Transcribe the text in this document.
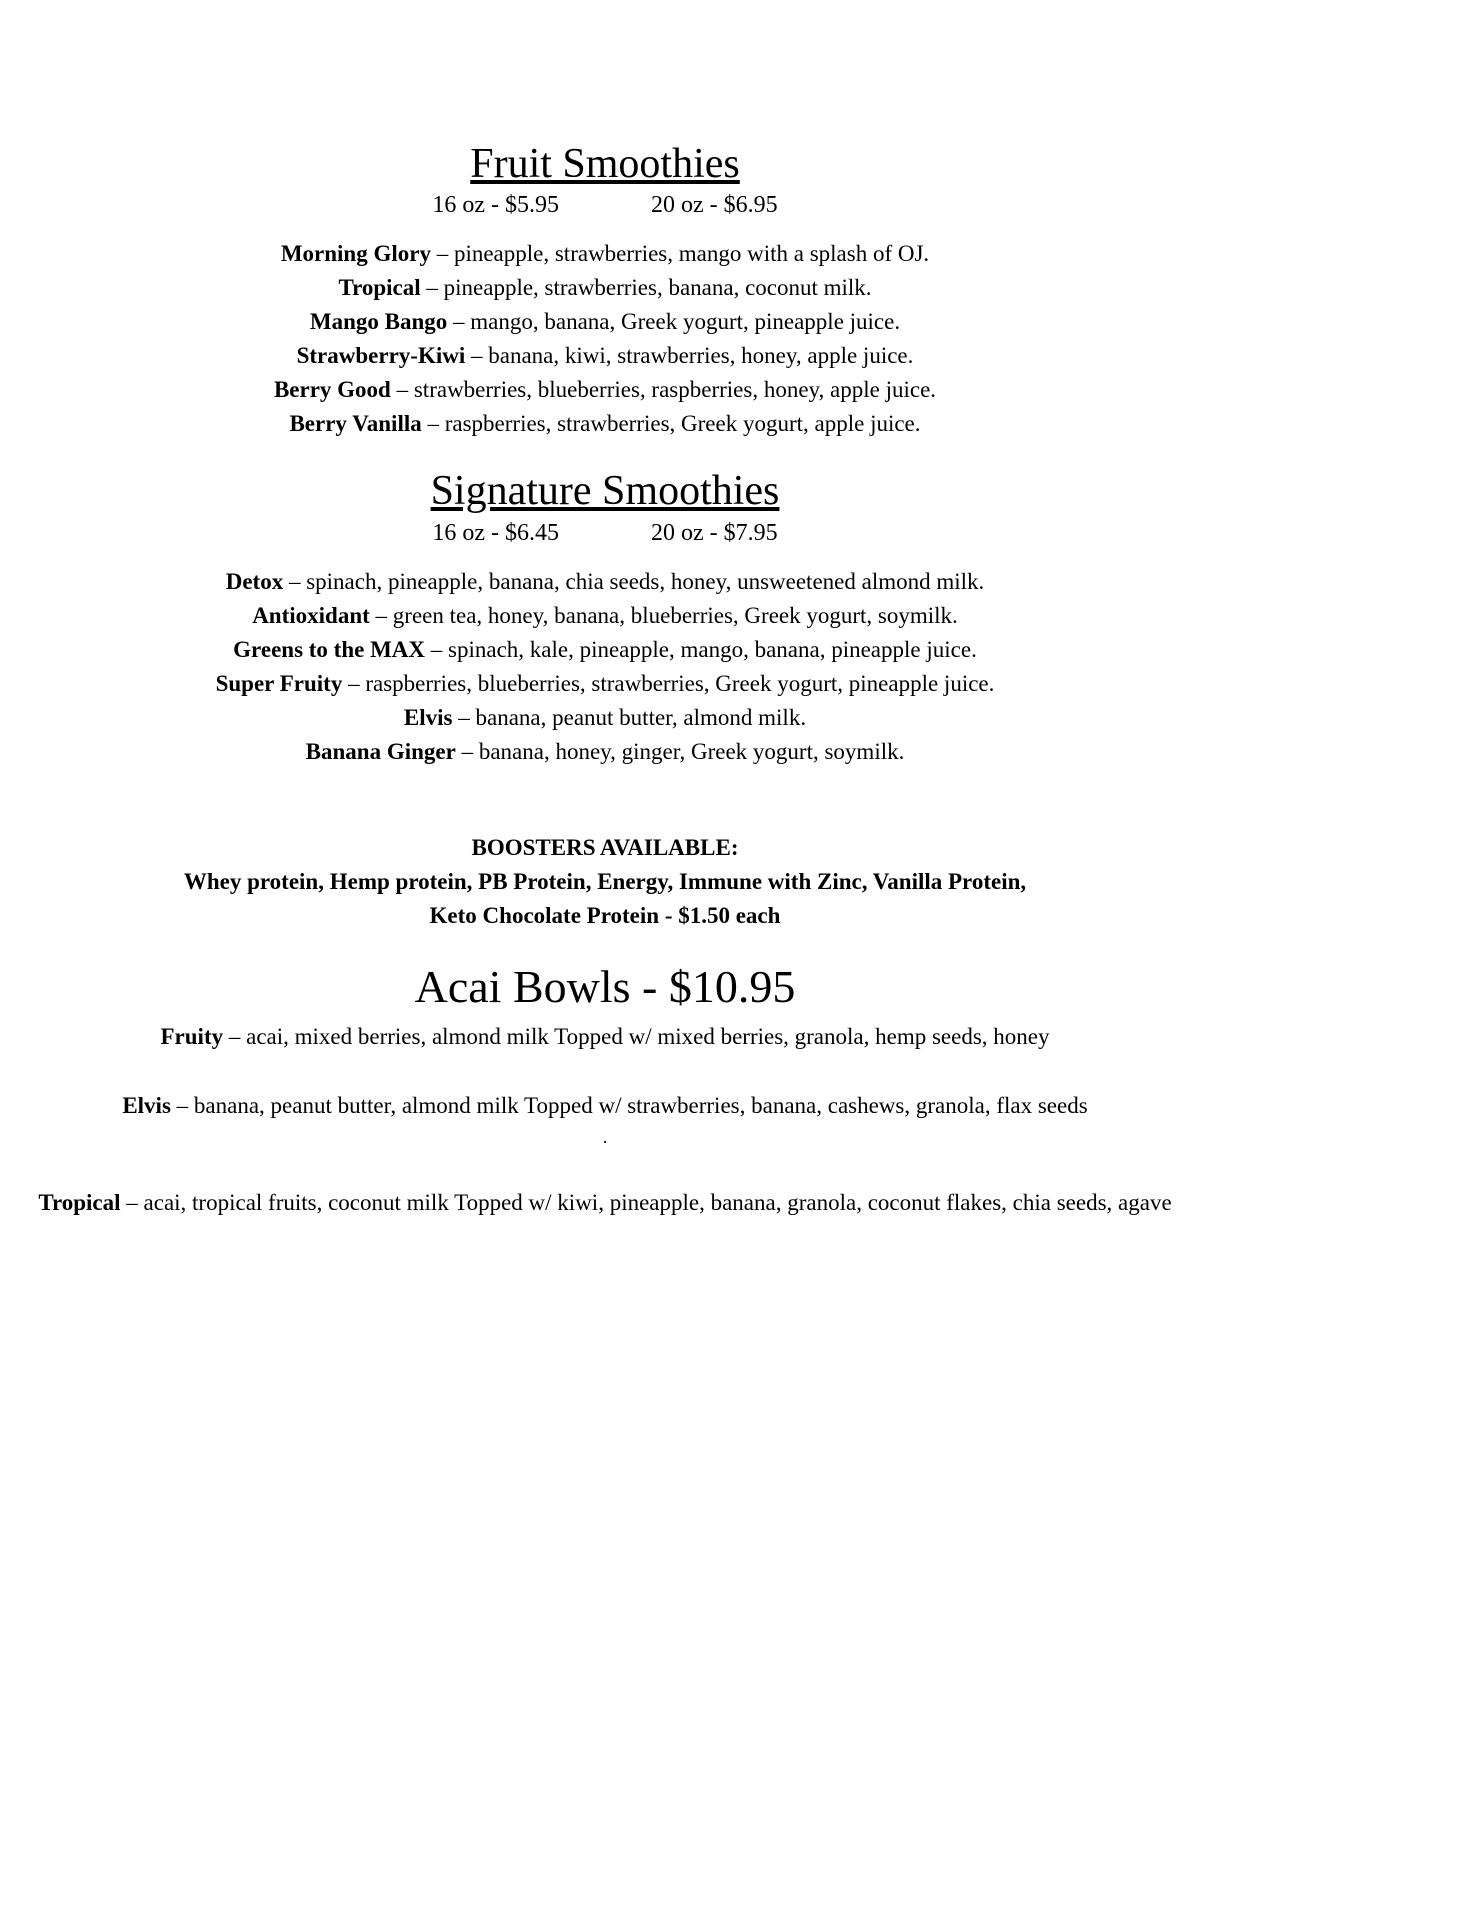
Fruit Smoothies

16 oz - $5.95	20 oz - $6.95

Morning Glory – pineapple, strawberries, mango with a splash of OJ.

Tropical – pineapple, strawberries, banana, coconut milk.

Mango Bango – mango, banana, Greek yogurt, pineapple juice.

Strawberry-Kiwi – banana, kiwi, strawberries, honey, apple juice.

Berry Good – strawberries, blueberries, raspberries, honey, apple juice.

Berry Vanilla – raspberries, strawberries, Greek yogurt, apple juice.

Signature Smoothies

16 oz - $6.45	20 oz - $7.95

Detox – spinach, pineapple, banana, chia seeds, honey, unsweetened almond milk.

Antioxidant – green tea, honey, banana, blueberries, Greek yogurt, soymilk.

Greens to the MAX – spinach, kale, pineapple, mango, banana, pineapple juice.

Super Fruity – raspberries, blueberries, strawberries, Greek yogurt, pineapple juice.

Elvis – banana, peanut butter, almond milk.

Banana Ginger – banana, honey, ginger, Greek yogurt, soymilk.

BOOSTERS AVAILABLE:

Whey protein, Hemp protein, PB Protein, Energy, Immune with Zinc, Vanilla Protein,

Keto Chocolate Protein - $1.50 each

Acai Bowls - $10.95

Fruity – acai, mixed berries, almond milk Topped w/ mixed berries, granola, hemp seeds, honey

Elvis – banana, peanut butter, almond milk Topped w/ strawberries, banana, cashews, granola, flax seeds

.

Tropical – acai, tropical fruits, coconut milk Topped w/ kiwi, pineapple, banana, granola, coconut flakes, chia seeds, agave
